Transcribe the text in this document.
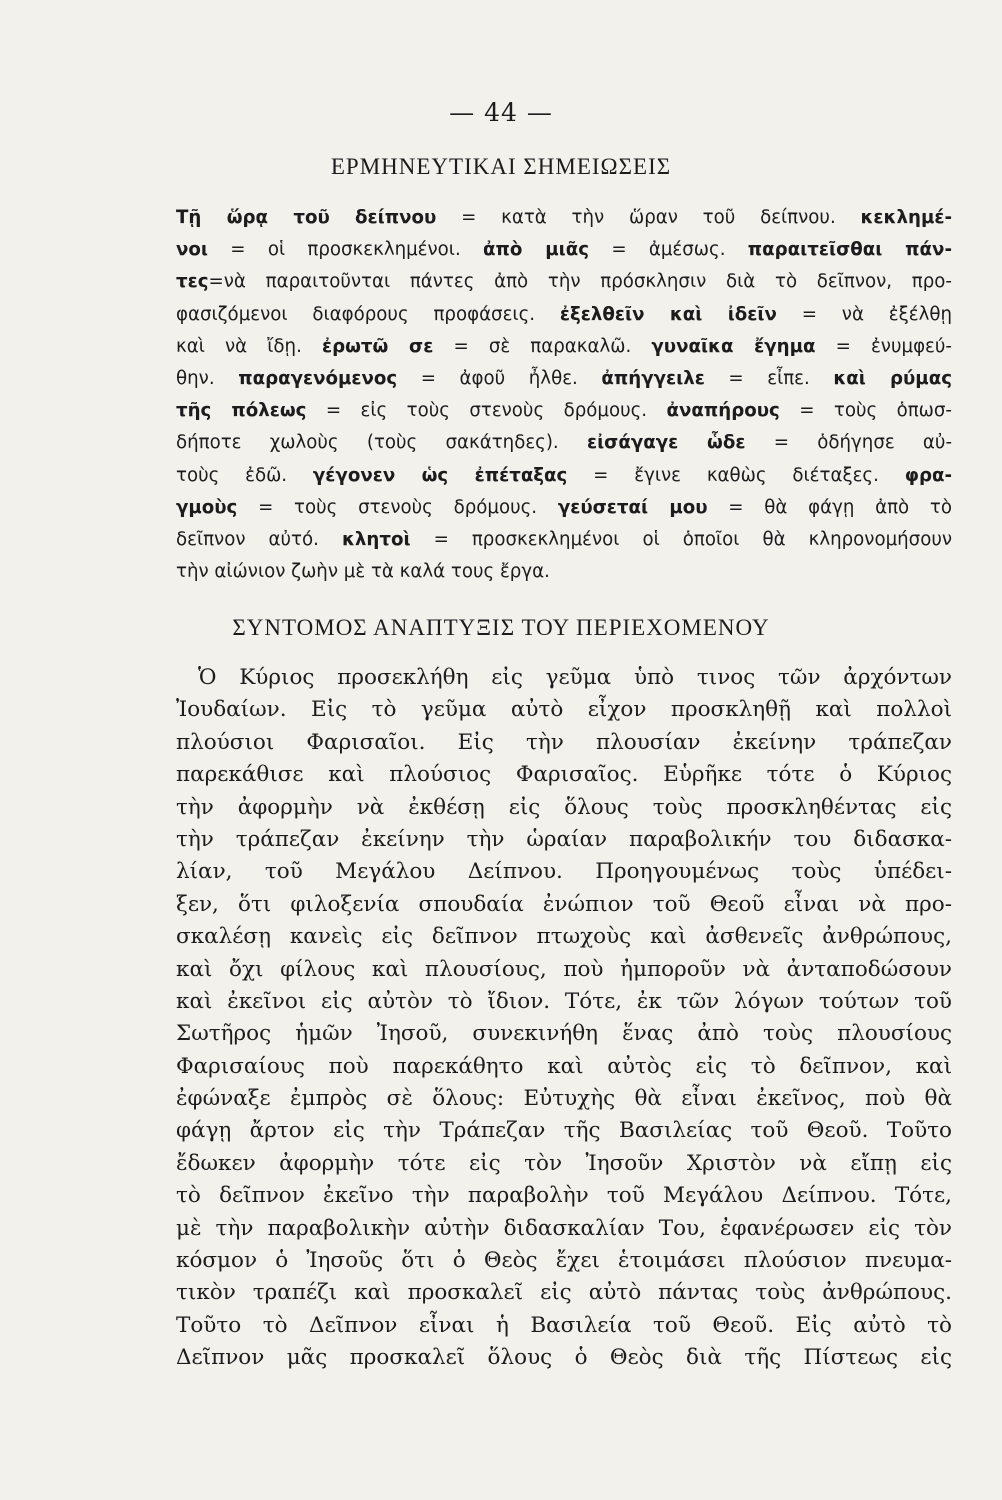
— 44 —
ΕΡΜΗΝΕΥΤΙΚΑΙ ΣΗΜΕΙΩΣΕΙΣ
Τῇ ὥρᾳ τοῦ δείπνου = κατὰ τὴν ὥραν τοῦ δείπνου. κεκλημέ-
νοι = οἱ προσκεκλημένοι. ἀπὸ μιᾶς = ἀμέσως. παραιτεῖσθαι πάν-
τες=νὰ παραιτοῦνται πάντες ἀπὸ τὴν πρόσκλησιν διὰ τὸ δεῖπνον, προ-
φασιζόμενοι διαφόρους προφάσεις. ἐξελθεῖν καὶ ἰδεῖν = νὰ ἐξέλθῃ
καὶ νὰ ἴδῃ. ἐρωτῶ σε = σὲ παρακαλῶ. γυναῖκα ἔγημα = ἐνυμφεύ-
θην. παραγενόμενος = ἀφοῦ ἦλθε. ἀπήγγειλε = εἶπε. καὶ ρύμας
τῆς πόλεως = εἰς τοὺς στενοὺς δρόμους. ἀναπήρους = τοὺς ὁπωσ-
δήποτε χωλοὺς (τοὺς σακάτηδες). εἰσάγαγε ὧδε = ὁδήγησε αὐ-
τοὺς ἐδῶ. γέγονεν ὡς ἐπέταξας = ἔγινε καθὼς διέταξες. φρα-
γμοὺς = τοὺς στενοὺς δρόμους. γεύσεταί μου = θὰ φάγῃ ἀπὸ τὸ
δεῖπνον αὐτό. κλητοὶ = προσκεκλημένοι οἱ ὁποῖοι θὰ κληρονομήσουν
τὴν αἰώνιον ζωὴν μὲ τὰ καλά τους ἔργα.
ΣΥΝΤΟΜΟΣ ΑΝΑΠΤΥΞΙΣ ΤΟΥ ΠΕΡΙΕΧΟΜΕΝΟΥ
Ὁ Κύριος προσεκλήθη εἰς γεῦμα ὑπὸ τινος τῶν ἀρχόντων
Ἰουδαίων. Εἰς τὸ γεῦμα αὐτὸ εἶχον προσκληθῇ καὶ πολλοὶ
πλούσιοι Φαρισαῖοι. Εἰς τὴν πλουσίαν ἐκείνην τράπεζαν
παρεκάθισε καὶ πλούσιος Φαρισαῖος. Εὑρῆκε τότε ὁ Κύριος
τὴν ἀφορμὴν νὰ ἐκθέσῃ εἰς ὅλους τοὺς προσκληθέντας εἰς
τὴν τράπεζαν ἐκείνην τὴν ὡραίαν παραβολικήν του διδασκα-
λίαν, τοῦ Μεγάλου Δείπνου. Προηγουμένως τοὺς ὑπέδει-
ξεν, ὅτι φιλοξενία σπουδαία ἐνώπιον τοῦ Θεοῦ εἶναι νὰ προ-
σκαλέσῃ κανεὶς εἰς δεῖπνον πτωχοὺς καὶ ἀσθενεῖς ἀνθρώπους,
καὶ ὄχι φίλους καὶ πλουσίους, ποὺ ἠμποροῦν νὰ ἀνταποδώσουν
καὶ ἐκεῖνοι εἰς αὐτὸν τὸ ἴδιον. Τότε, ἐκ τῶν λόγων τούτων τοῦ
Σωτῆρος ἡμῶν Ἰησοῦ, συνεκινήθη ἕνας ἀπὸ τοὺς πλουσίους
Φαρισαίους ποὺ παρεκάθητο καὶ αὐτὸς εἰς τὸ δεῖπνον, καὶ
ἐφώναξε ἐμπρὸς σὲ ὅλους: Εὐτυχὴς θὰ εἶναι ἐκεῖνος, ποὺ θὰ
φάγῃ ἄρτον εἰς τὴν Τράπεζαν τῆς Βασιλείας τοῦ Θεοῦ. Τοῦτο
ἔδωκεν ἀφορμὴν τότε εἰς τὸν Ἰησοῦν Χριστὸν νὰ εἴπῃ εἰς
τὸ δεῖπνον ἐκεῖνο τὴν παραβολὴν τοῦ Μεγάλου Δείπνου. Τότε,
μὲ τὴν παραβολικὴν αὐτὴν διδασκαλίαν Του, ἐφανέρωσεν εἰς τὸν
κόσμον ὁ Ἰησοῦς ὅτι ὁ Θεὸς ἔχει ἑτοιμάσει πλούσιον πνευμα-
τικὸν τραπέζι καὶ προσκαλεῖ εἰς αὐτὸ πάντας τοὺς ἀνθρώπους.
Τοῦτο τὸ Δεῖπνον εἶναι ἡ Βασιλεία τοῦ Θεοῦ. Εἰς αὐτὸ τὸ
Δεῖπνον μᾶς προσκαλεῖ ὅλους ὁ Θεὸς διὰ τῆς Πίστεως εἰς
